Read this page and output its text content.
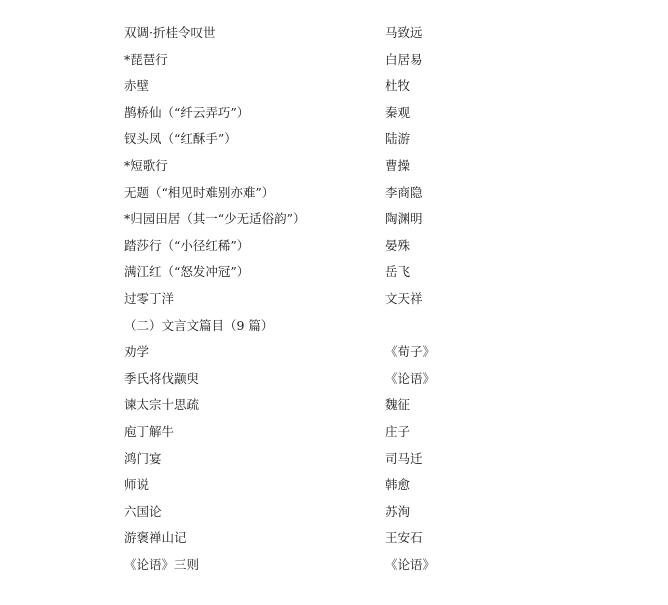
双调·折桂令叹世	马致远
*琵琶行	白居易
赤壁	杜牧
鹊桥仙（“纤云弄巧”）	秦观
钗头凤（“红酥手”）	陆游
*短歌行	曹操
无题（“相见时难别亦难”）	李商隐
*归园田居（其一“少无适俗韵”）	陶渊明
踏莎行（“小径红稀”）	晏殊
满江红（“怒发冲冠”）	岳飞
过零丁洋	文天祥
（二）文言文篇目（9 篇）
劝学	《荀子》
季氏将伐颛臾	《论语》
谏太宗十思疏	魏征
庖丁解牛	庄子
鸿门宴	司马迁
师说	韩愈
六国论	苏洵
游褒禅山记	王安石
《论语》三则	《论语》
